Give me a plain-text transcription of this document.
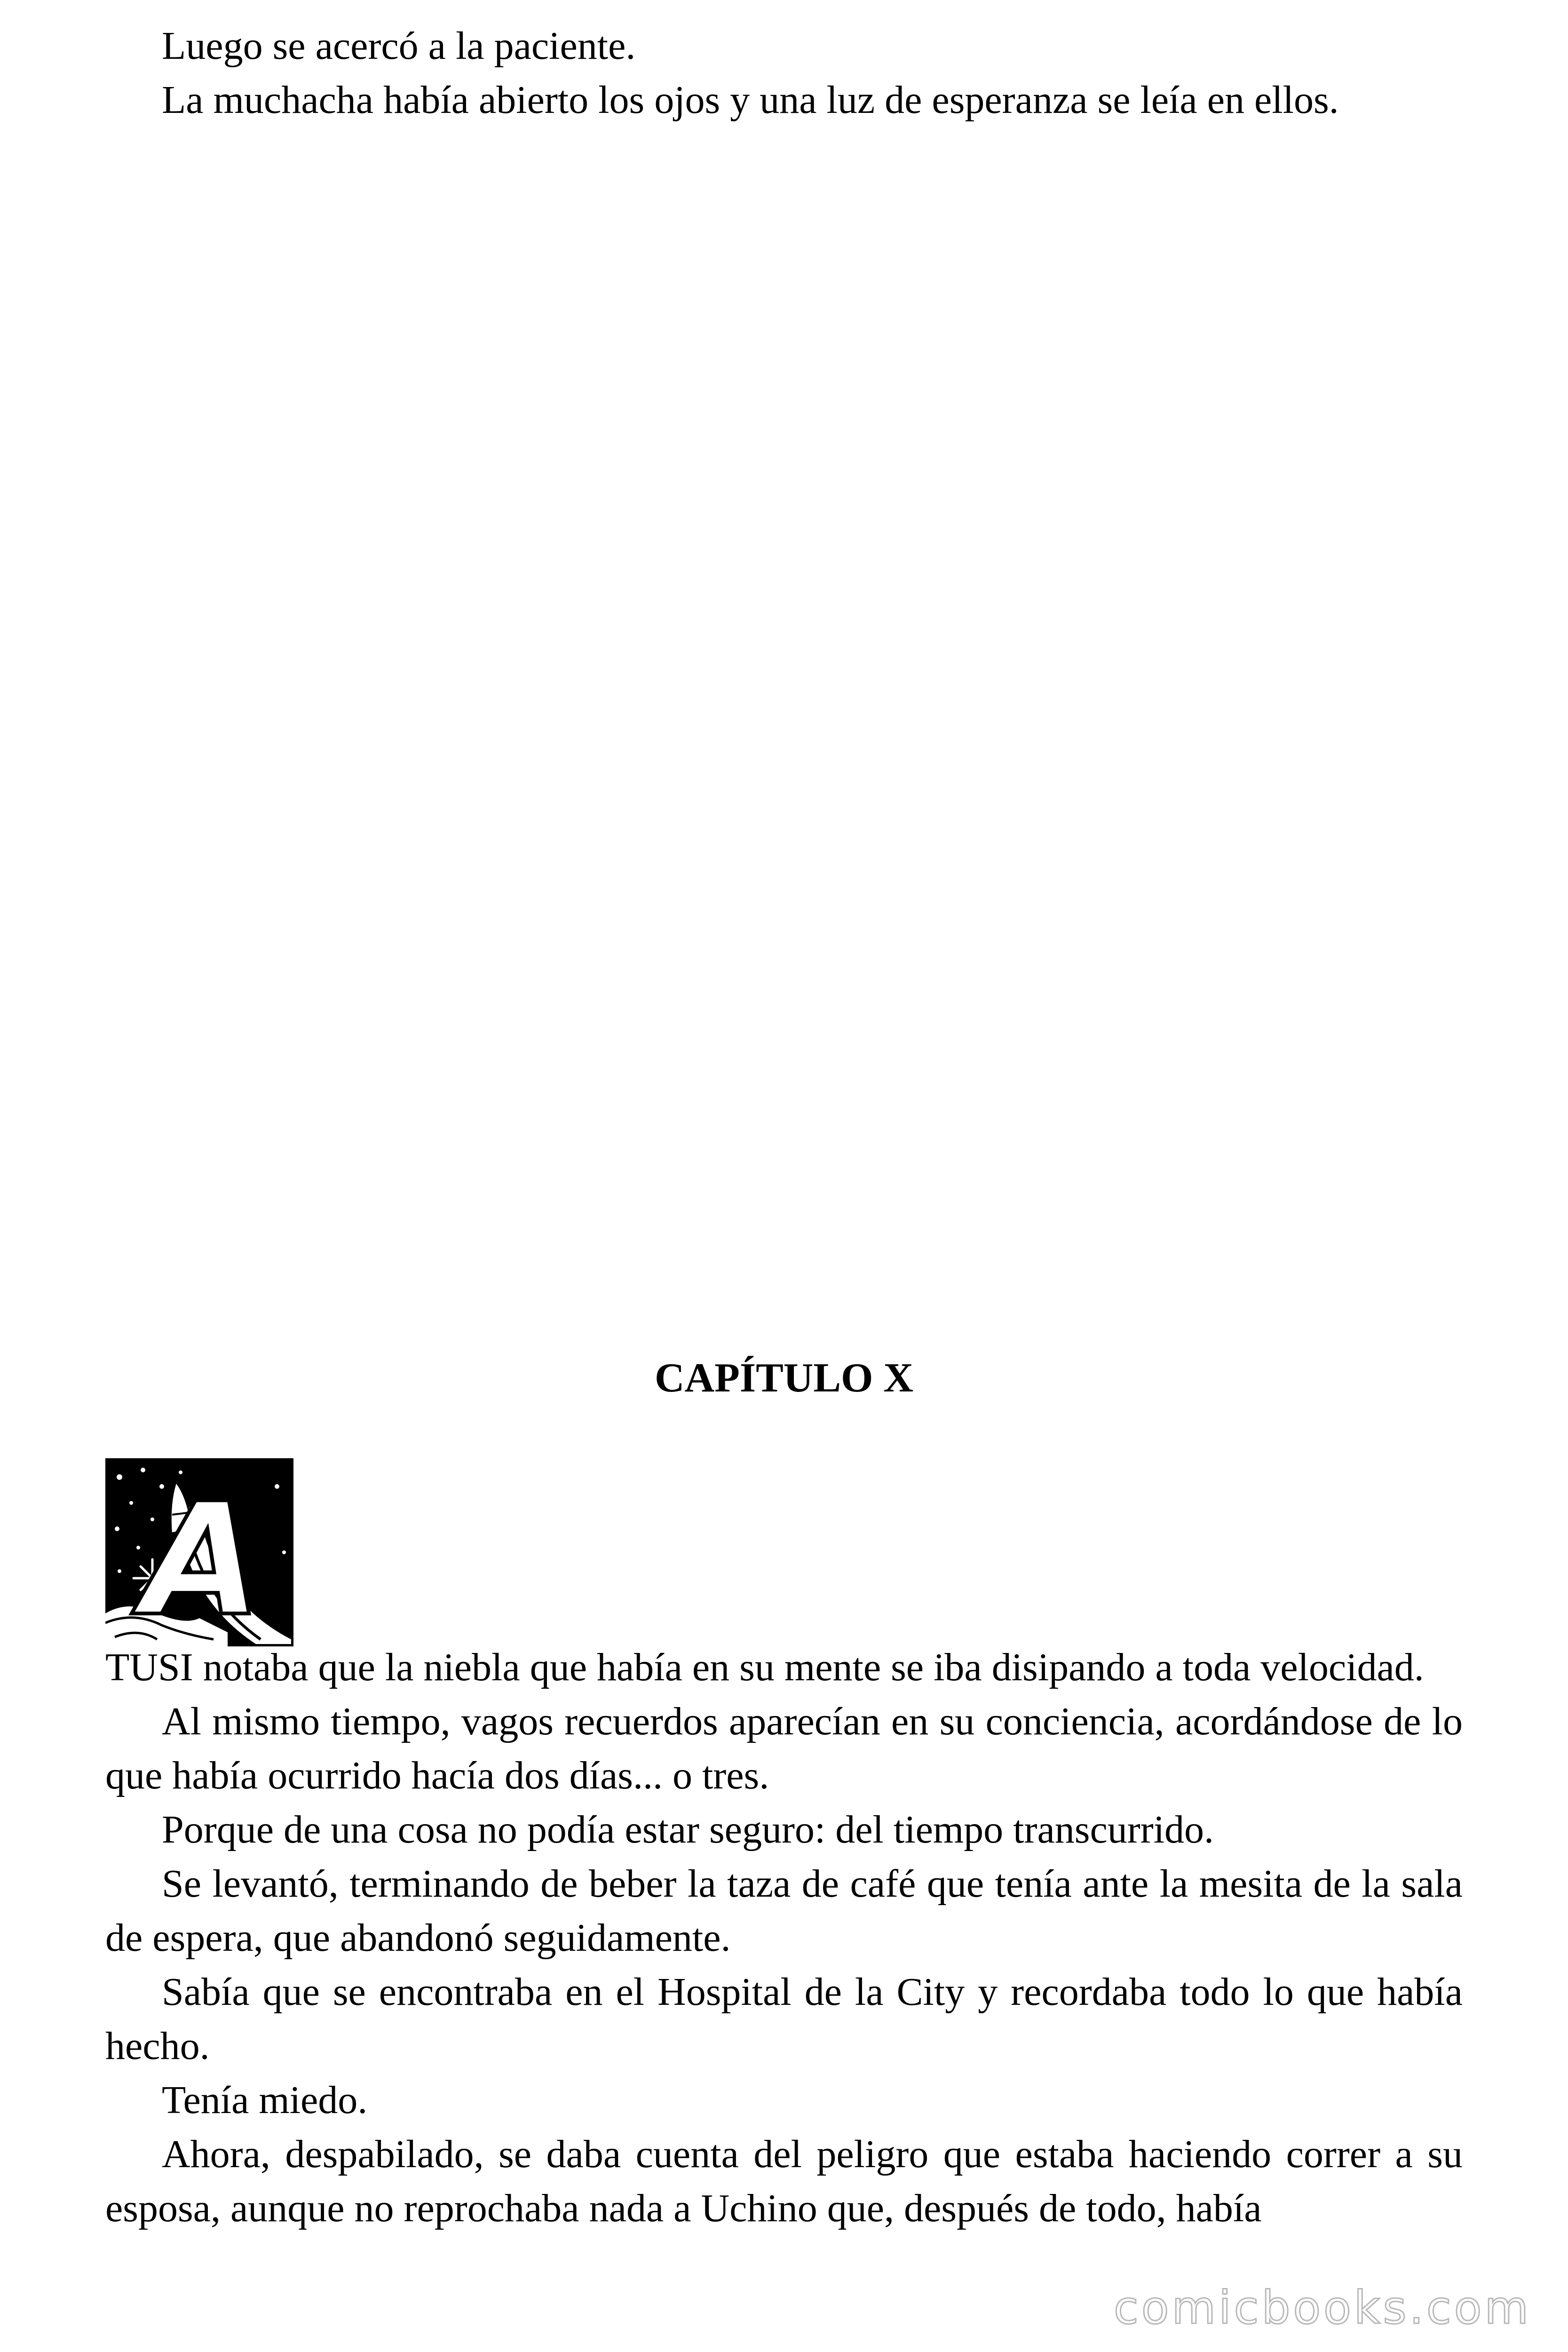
Luego se acercó a la paciente.

La muchacha había abierto los ojos y una luz de esperanza se leía en ellos.

CAPÍTULO X
A

TUSI notaba que la niebla que había en su mente se iba disipando a toda velocidad.

Al mismo tiempo, vagos recuerdos aparecían en su conciencia, acordándose de lo que había ocurrido hacía dos días... o tres.

Porque de una cosa no podía estar seguro: del tiempo transcurrido.

Se levantó, terminando de beber la taza de café que tenía ante la mesita de la sala de espera, que abandonó seguidamente.

Sabía que se encontraba en el Hospital de la City y recordaba todo lo que había hecho.

Tenía miedo.

Ahora, despabilado, se daba cuenta del peligro que estaba haciendo correr a su esposa, aunque no reprochaba nada a Uchino que, después de todo, había

comicbooks.com
